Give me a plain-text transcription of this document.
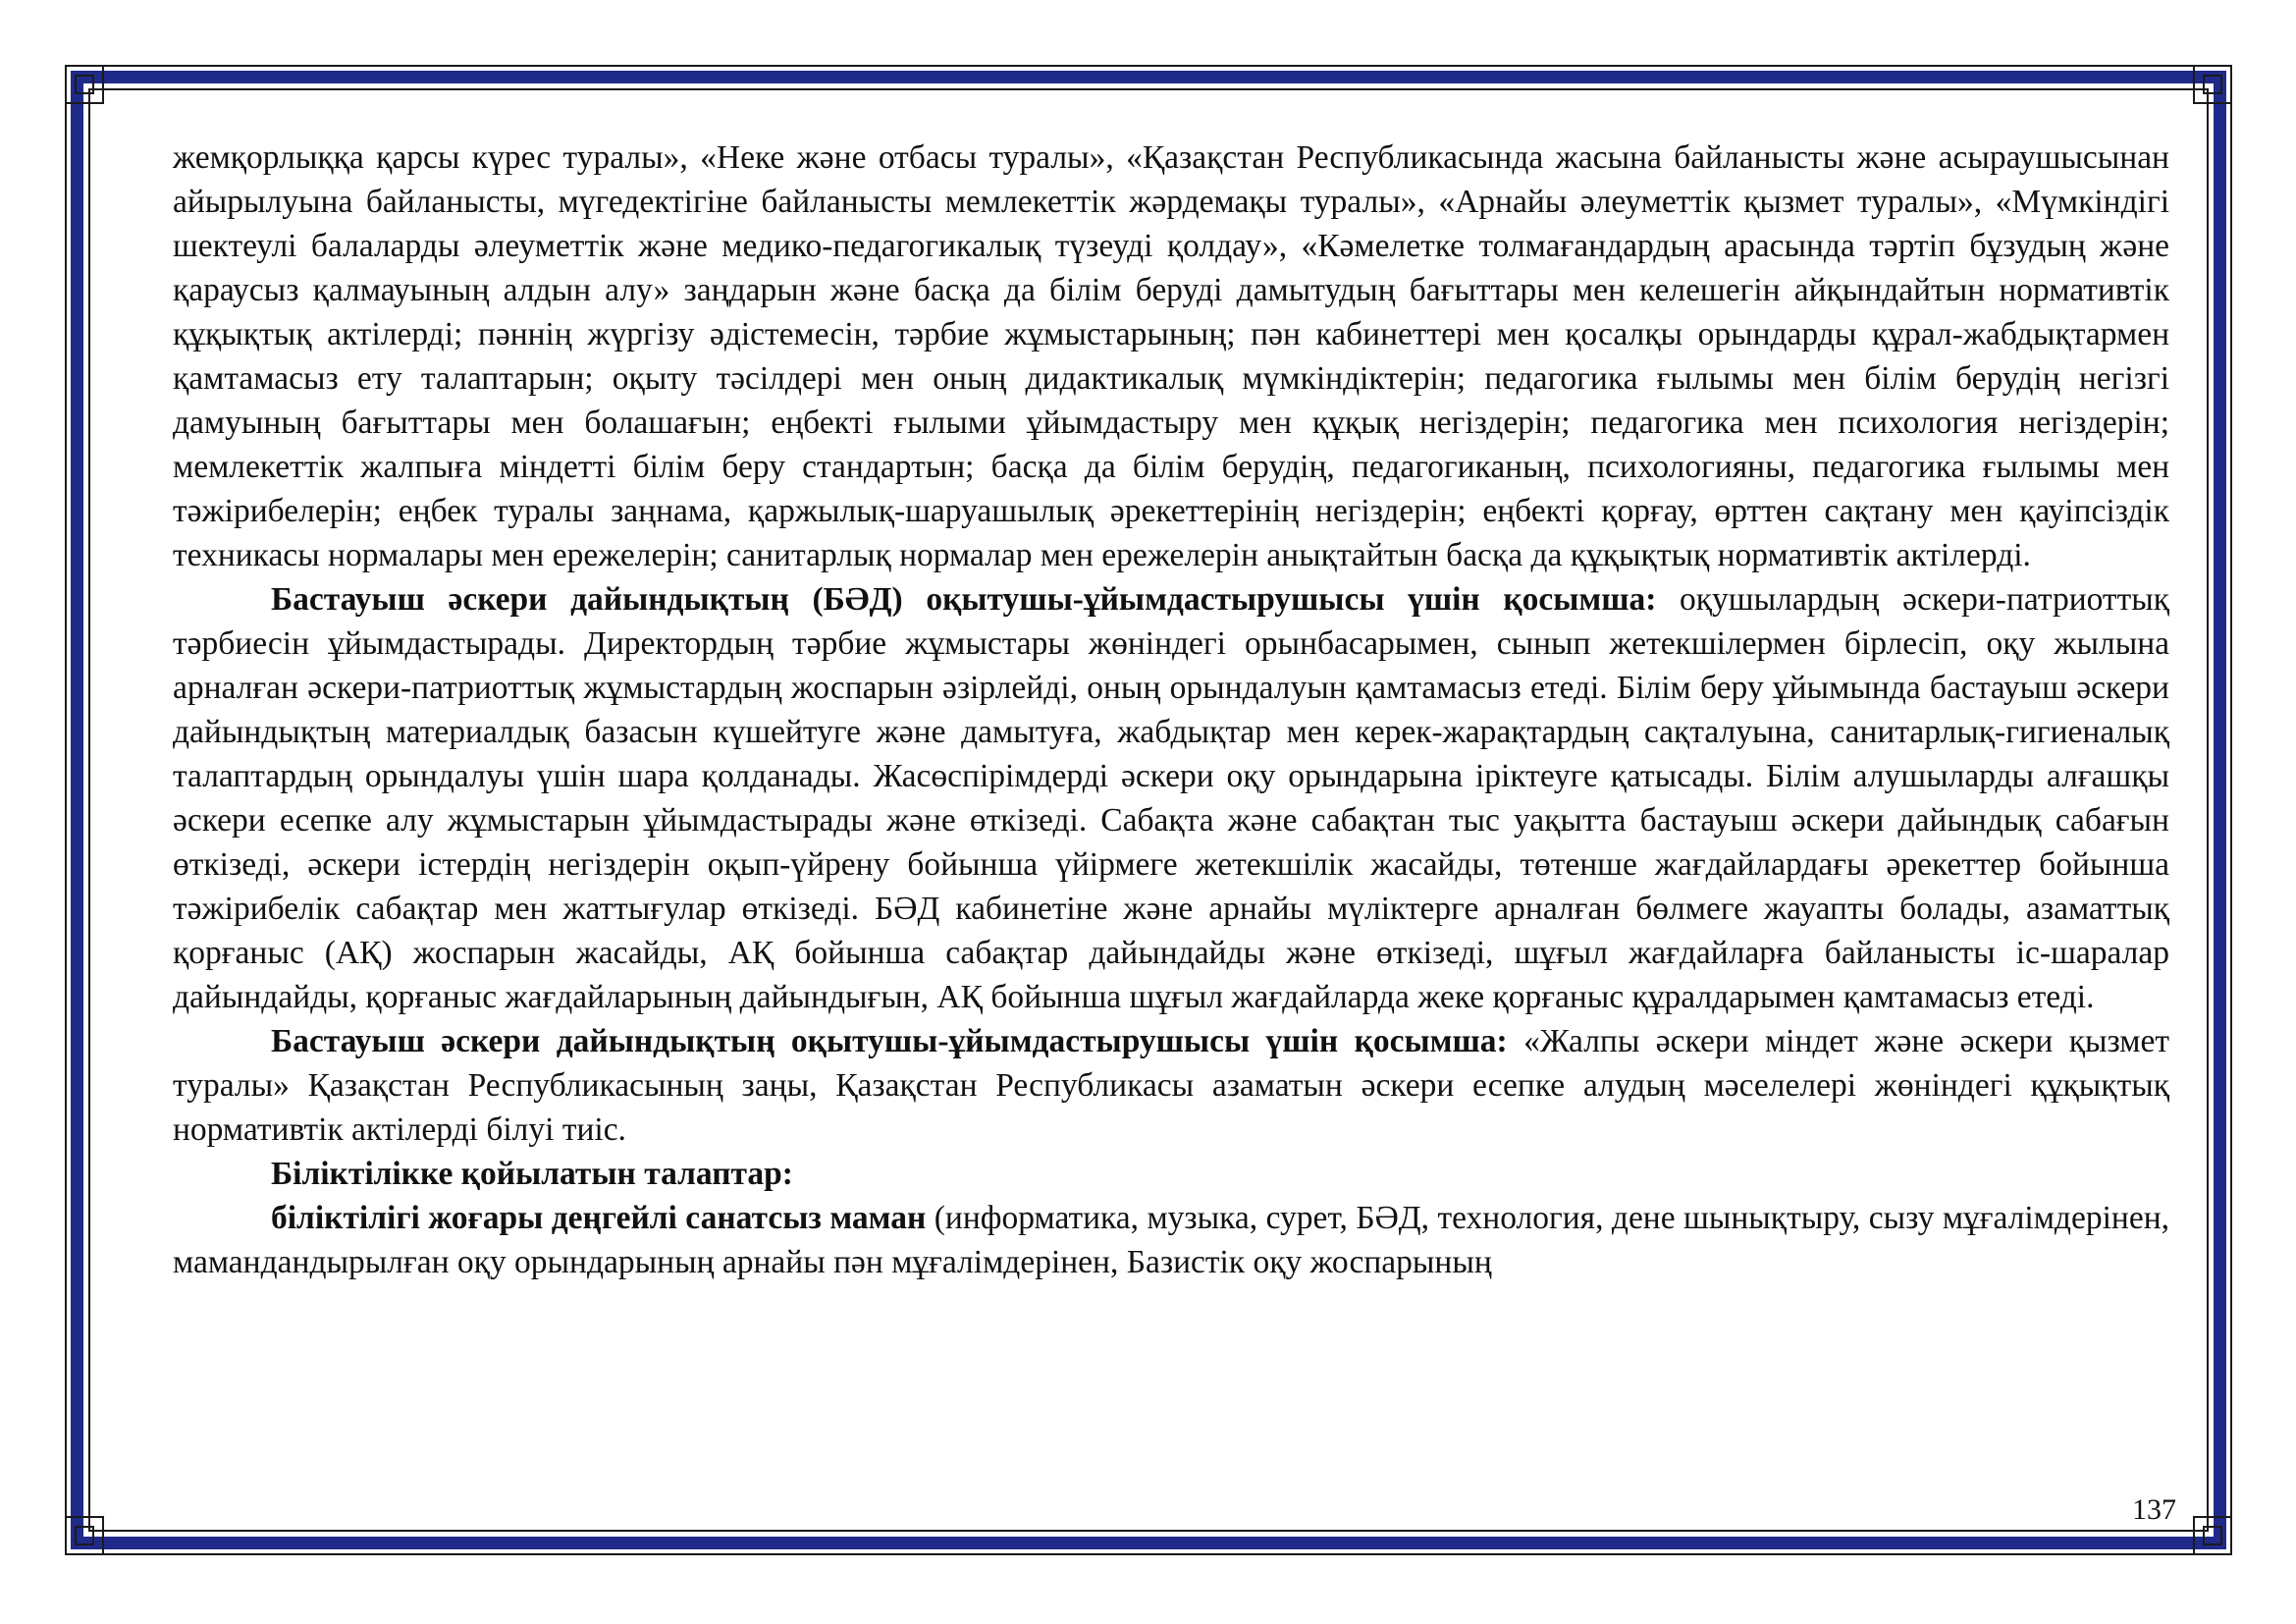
жемқорлыққа қарсы күрес туралы», «Неке және отбасы туралы», «Қазақстан Республикасында жасына байланысты және асыраушысынан айырылуына байланысты, мүгедектігіне байланысты мемлекеттік жәрдемақы туралы», «Арнайы әлеуметтік қызмет туралы», «Мүмкіндігі шектеулі балаларды әлеуметтік және медико-педагогикалық түзеуді қолдау», «Кәмелетке толмағандардың арасында тәртіп бұзудың және қараусыз қалмауының алдын алу» заңдарын және басқа да білім беруді дамытудың бағыттары мен келешегін айқындайтын нормативтік құқықтық актілерді; пәннің жүргізу әдістемесін, тәрбие жұмыстарының; пән кабинеттері мен қосалқы орындарды құрал-жабдықтармен қамтамасыз ету талаптарын; оқыту тәсілдері мен оның дидактикалық мүмкіндіктерін; педагогика ғылымы мен білім берудің негізгі дамуының бағыттары мен болашағын; еңбекті ғылыми ұйымдастыру мен құқық негіздерін; педагогика мен психология негіздерін; мемлекеттік жалпыға міндетті білім беру стандартын; басқа да білім берудің, педагогиканың, психологияны, педагогика ғылымы мен тәжірибелерін; еңбек туралы заңнама, қаржылық-шаруашылық әрекеттерінің негіздерін; еңбекті қорғау, өрттен сақтану мен қауіпсіздік техникасы нормалары мен ережелерін; санитарлық нормалар мен ережелерін анықтайтын басқа да құқықтық нормативтік актілерді.

Бастауыш әскери дайындықтың (БӘД) оқытушы-ұйымдастырушысы үшін қосымша: оқушылардың әскери-патриоттық тәрбиесін ұйымдастырады. Директордың тәрбие жұмыстары жөніндегі орынбасарымен, сынып жетекшілермен бірлесіп, оқу жылына арналған әскери-патриоттық жұмыстардың жоспарын әзірлейді, оның орындалуын қамтамасыз етеді. Білім беру ұйымында бастауыш әскери дайындықтың материалдық базасын күшейтуге және дамытуға, жабдықтар мен керек-жарақтардың сақталуына, санитарлық-гигиеналық талаптардың орындалуы үшін шара қолданады. Жасөспірімдерді әскери оқу орындарына іріктеуге қатысады. Білім алушыларды алғашқы әскери есепке алу жұмыстарын ұйымдастырады және өткізеді. Сабақта және сабақтан тыс уақытта бастауыш әскери дайындық сабағын өткізеді, әскери істердің негіздерін оқып-үйрену бойынша үйірмеге жетекшілік жасайды, төтенше жағдайлардағы әрекеттер бойынша тәжірибелік сабақтар мен жаттығулар өткізеді. БӘД кабинетіне және арнайы мүліктерге арналған бөлмеге жауапты болады, азаматтық қорғаныс (АҚ) жоспарын жасайды, АҚ бойынша сабақтар дайындайды және өткізеді, шұғыл жағдайларға байланысты іс-шаралар дайындайды, қорғаныс жағдайларының дайындығын, АҚ бойынша шұғыл жағдайларда жеке қорғаныс құралдарымен қамтамасыз етеді.

Бастауыш әскери дайындықтың оқытушы-ұйымдастырушысы үшін қосымша: «Жалпы әскери міндет және әскери қызмет туралы» Қазақстан Республикасының заңы, Қазақстан Республикасы азаматын әскери есепке алудың мәселелері жөніндегі құқықтық нормативтік актілерді білуі тиіс.

Біліктілікке қойылатын талаптар:

біліктілігі жоғары деңгейлі санатсыз маман (информатика, музыка, сурет, БӘД, технология, дене шынықтыру, сызу мұғалімдерінен, мамандандырылған оқу орындарының арнайы пән мұғалімдерінен, Базистік оқу жоспарының

137
